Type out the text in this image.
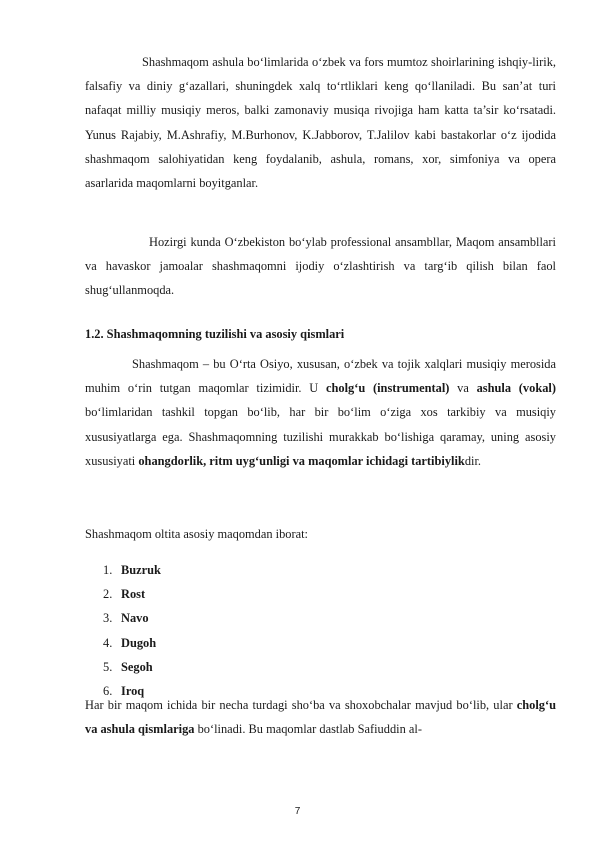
Shashmaqom ashula bo‘limlarida o‘zbek va fors mumtoz shoirlarining ishqiy-lirik, falsafiy va diniy g‘azallari, shuningdek xalq to‘rtliklari keng qo‘llaniladi. Bu san’at turi nafaqat milliy musiqiy meros, balki zamonaviy musiqa rivojiga ham katta ta’sir ko‘rsatadi. Yunus Rajabiy, M.Ashrafiy, M.Burhonov, K.Jabborov, T.Jalilov kabi bastakorlar o‘z ijodida shashmaqom salohiyatidan keng foydalanib, ashula, romans, xor, simfoniya va opera asarlarida maqomlarni boyitganlar.
Hozirgi kunda O‘zbekiston bo‘ylab professional ansambllar, Maqom ansambllari va havaskor jamoalar shashmaqomni ijodiy o‘zlashtirish va targ‘ib qilish bilan faol shug‘ullanmoqda.
1.2. Shashmaqomning tuzilishi va asosiy qismlari
Shashmaqom – bu O‘rta Osiyo, xususan, o‘zbek va tojik xalqlari musiqiy merosida muhim o‘rin tutgan maqomlar tizimidir. U cholg‘u (instrumental) va ashula (vokal) bo‘limlaridan tashkil topgan bo‘lib, har bir bo‘lim o‘ziga xos tarkibiy va musiqiy xususiyatlarga ega. Shashmaqomning tuzilishi murakkab bo‘lishiga qaramay, uning asosiy xususiyati ohangdorlik, ritm uyg‘unligi va maqomlar ichidagi tartibiylikdir.
Shashmaqom oltita asosiy maqomdan iborat:
1. Buzruk
2. Rost
3. Navo
4. Dugoh
5. Segoh
6. Iroq
Har bir maqom ichida bir necha turdagi sho‘ba va shoxobchalar mavjud bo‘lib, ular cholg‘u va ashula qismlariga bo‘linadi. Bu maqomlar dastlab Safiuddin al-
7
